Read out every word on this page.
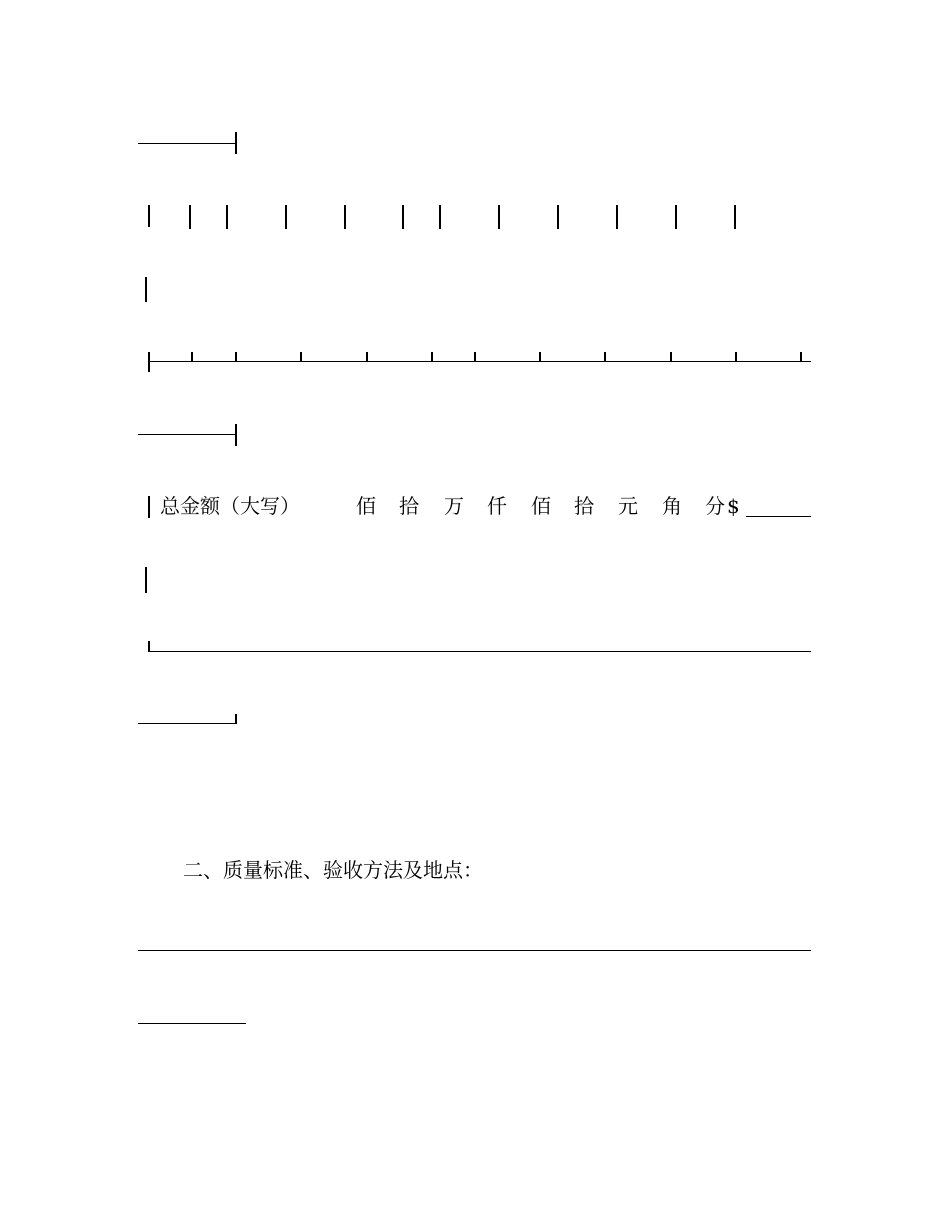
总金额（大写）	佰 拾 万 仟 佰 拾 元 角 分 $
二、质量标准、验收方法及地点：
